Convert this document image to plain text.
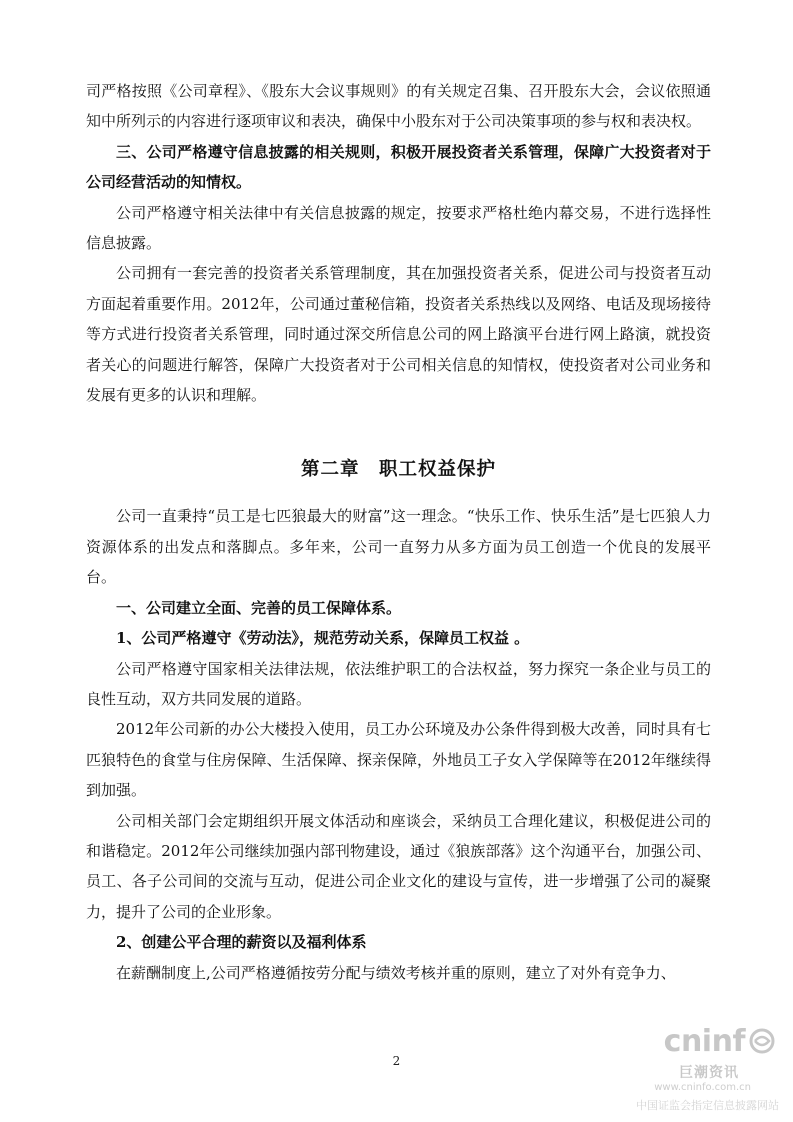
司严格按照《公司章程》、《股东大会议事规则》的有关规定召集、召开股东大会，会议依照通知中所列示的内容进行逐项审议和表决，确保中小股东对于公司决策事项的参与权和表决权。

三、公司严格遵守信息披露的相关规则，积极开展投资者关系管理，保障广大投资者对于公司经营活动的知情权。

公司严格遵守相关法律中有关信息披露的规定，按要求严格杜绝内幕交易，不进行选择性信息披露。

公司拥有一套完善的投资者关系管理制度，其在加强投资者关系，促进公司与投资者互动方面起着重要作用。2012年，公司通过董秘信箱，投资者关系热线以及网络、电话及现场接待等方式进行投资者关系管理，同时通过深交所信息公司的网上路演平台进行网上路演，就投资者关心的问题进行解答，保障广大投资者对于公司相关信息的知情权，使投资者对公司业务和发展有更多的认识和理解。

第二章　职工权益保护

公司一直秉持“员工是七匹狼最大的财富”这一理念。“快乐工作、快乐生活”是七匹狼人力资源体系的出发点和落脚点。多年来，公司一直努力从多方面为员工创造一个优良的发展平台。

一、公司建立全面、完善的员工保障体系。

1、公司严格遵守《劳动法》，规范劳动关系，保障员工权益 。

公司严格遵守国家相关法律法规，依法维护职工的合法权益，努力探究一条企业与员工的良性互动，双方共同发展的道路。

2012年公司新的办公大楼投入使用，员工办公环境及办公条件得到极大改善，同时具有七匹狼特色的食堂与住房保障、生活保障、探亲保障，外地员工子女入学保障等在2012年继续得到加强。

公司相关部门会定期组织开展文体活动和座谈会，采纳员工合理化建议，积极促进公司的和谐稳定。2012年公司继续加强内部刊物建设，通过《狼族部落》这个沟通平台，加强公司、员工、各子公司间的交流与互动，促进公司企业文化的建设与宣传，进一步增强了公司的凝聚力，提升了公司的企业形象。

2、创建公平合理的薪资以及福利体系

在薪酬制度上,公司严格遵循按劳分配与绩效考核并重的原则，建立了对外有竞争力、

2
cninf
巨潮资讯
www.cninfo.com.cn
中国证监会指定信息披露网站
